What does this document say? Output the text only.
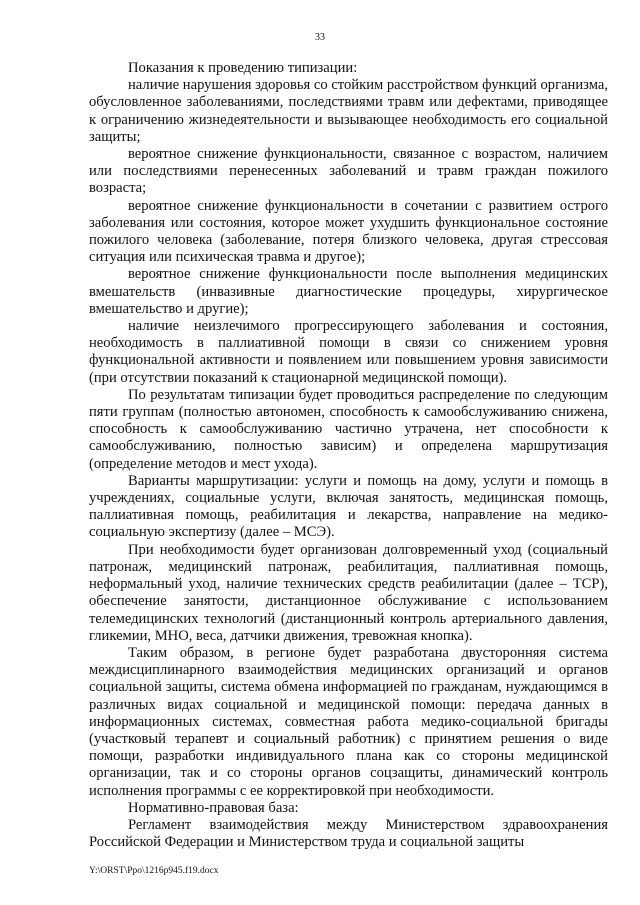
33

Показания к проведению типизации:

наличие нарушения здоровья со стойким расстройством функций организма, обусловленное заболеваниями, последствиями травм или дефектами, приводящее к ограничению жизнедеятельности и вызывающее необходимость его социальной защиты;

вероятное снижение функциональности, связанное с возрастом, наличием или последствиями перенесенных заболеваний и травм граждан пожилого возраста;

вероятное снижение функциональности в сочетании с развитием острого заболевания или состояния, которое может ухудшить функциональное состояние пожилого человека (заболевание, потеря близкого человека, другая стрессовая ситуация или психическая травма и другое);

вероятное снижение функциональности после выполнения медицинских вмешательств (инвазивные диагностические процедуры, хирургическое вмешательство и другие);

наличие неизлечимого прогрессирующего заболевания и состояния, необходимость в паллиативной помощи в связи со снижением уровня функциональной активности и появлением или повышением уровня зависимости (при отсутствии показаний к стационарной медицинской помощи).

По результатам типизации будет проводиться распределение по следующим пяти группам (полностью автономен, способность к самообслуживанию снижена, способность к самообслуживанию частично утрачена, нет способности к самообслуживанию, полностью зависим) и определена маршрутизация (определение методов и мест ухода).

Варианты маршрутизации: услуги и помощь на дому, услуги и помощь в учреждениях, социальные услуги, включая занятость, медицинская помощь, паллиативная помощь, реабилитация и лекарства, направление на медико-социальную экспертизу (далее – МСЭ).

При необходимости будет организован долговременный уход (социальный патронаж, медицинский патронаж, реабилитация, паллиативная помощь, неформальный уход, наличие технических средств реабилитации (далее – ТСР), обеспечение занятости, дистанционное обслуживание с использованием телемедицинских технологий (дистанционный контроль артериального давления, гликемии, МНО, веса, датчики движения, тревожная кнопка).

Таким образом, в регионе будет разработана двусторонняя система междисциплинарного взаимодействия медицинских организаций и органов социальной защиты, система обмена информацией по гражданам, нуждающимся в различных видах социальной и медицинской помощи: передача данных в информационных системах, совместная работа медико-социальной бригады (участковый терапевт и социальный работник) с принятием решения о виде помощи, разработки индивидуального плана как со стороны медицинской организации, так и со стороны органов соцзащиты, динамический контроль исполнения программы с ее корректировкой при необходимости.

Нормативно-правовая база:

Регламент взаимодействия между Министерством здравоохранения Российской Федерации и Министерством труда и социальной защиты

Y:\ORST\Ppo\1216p945.f19.docx
